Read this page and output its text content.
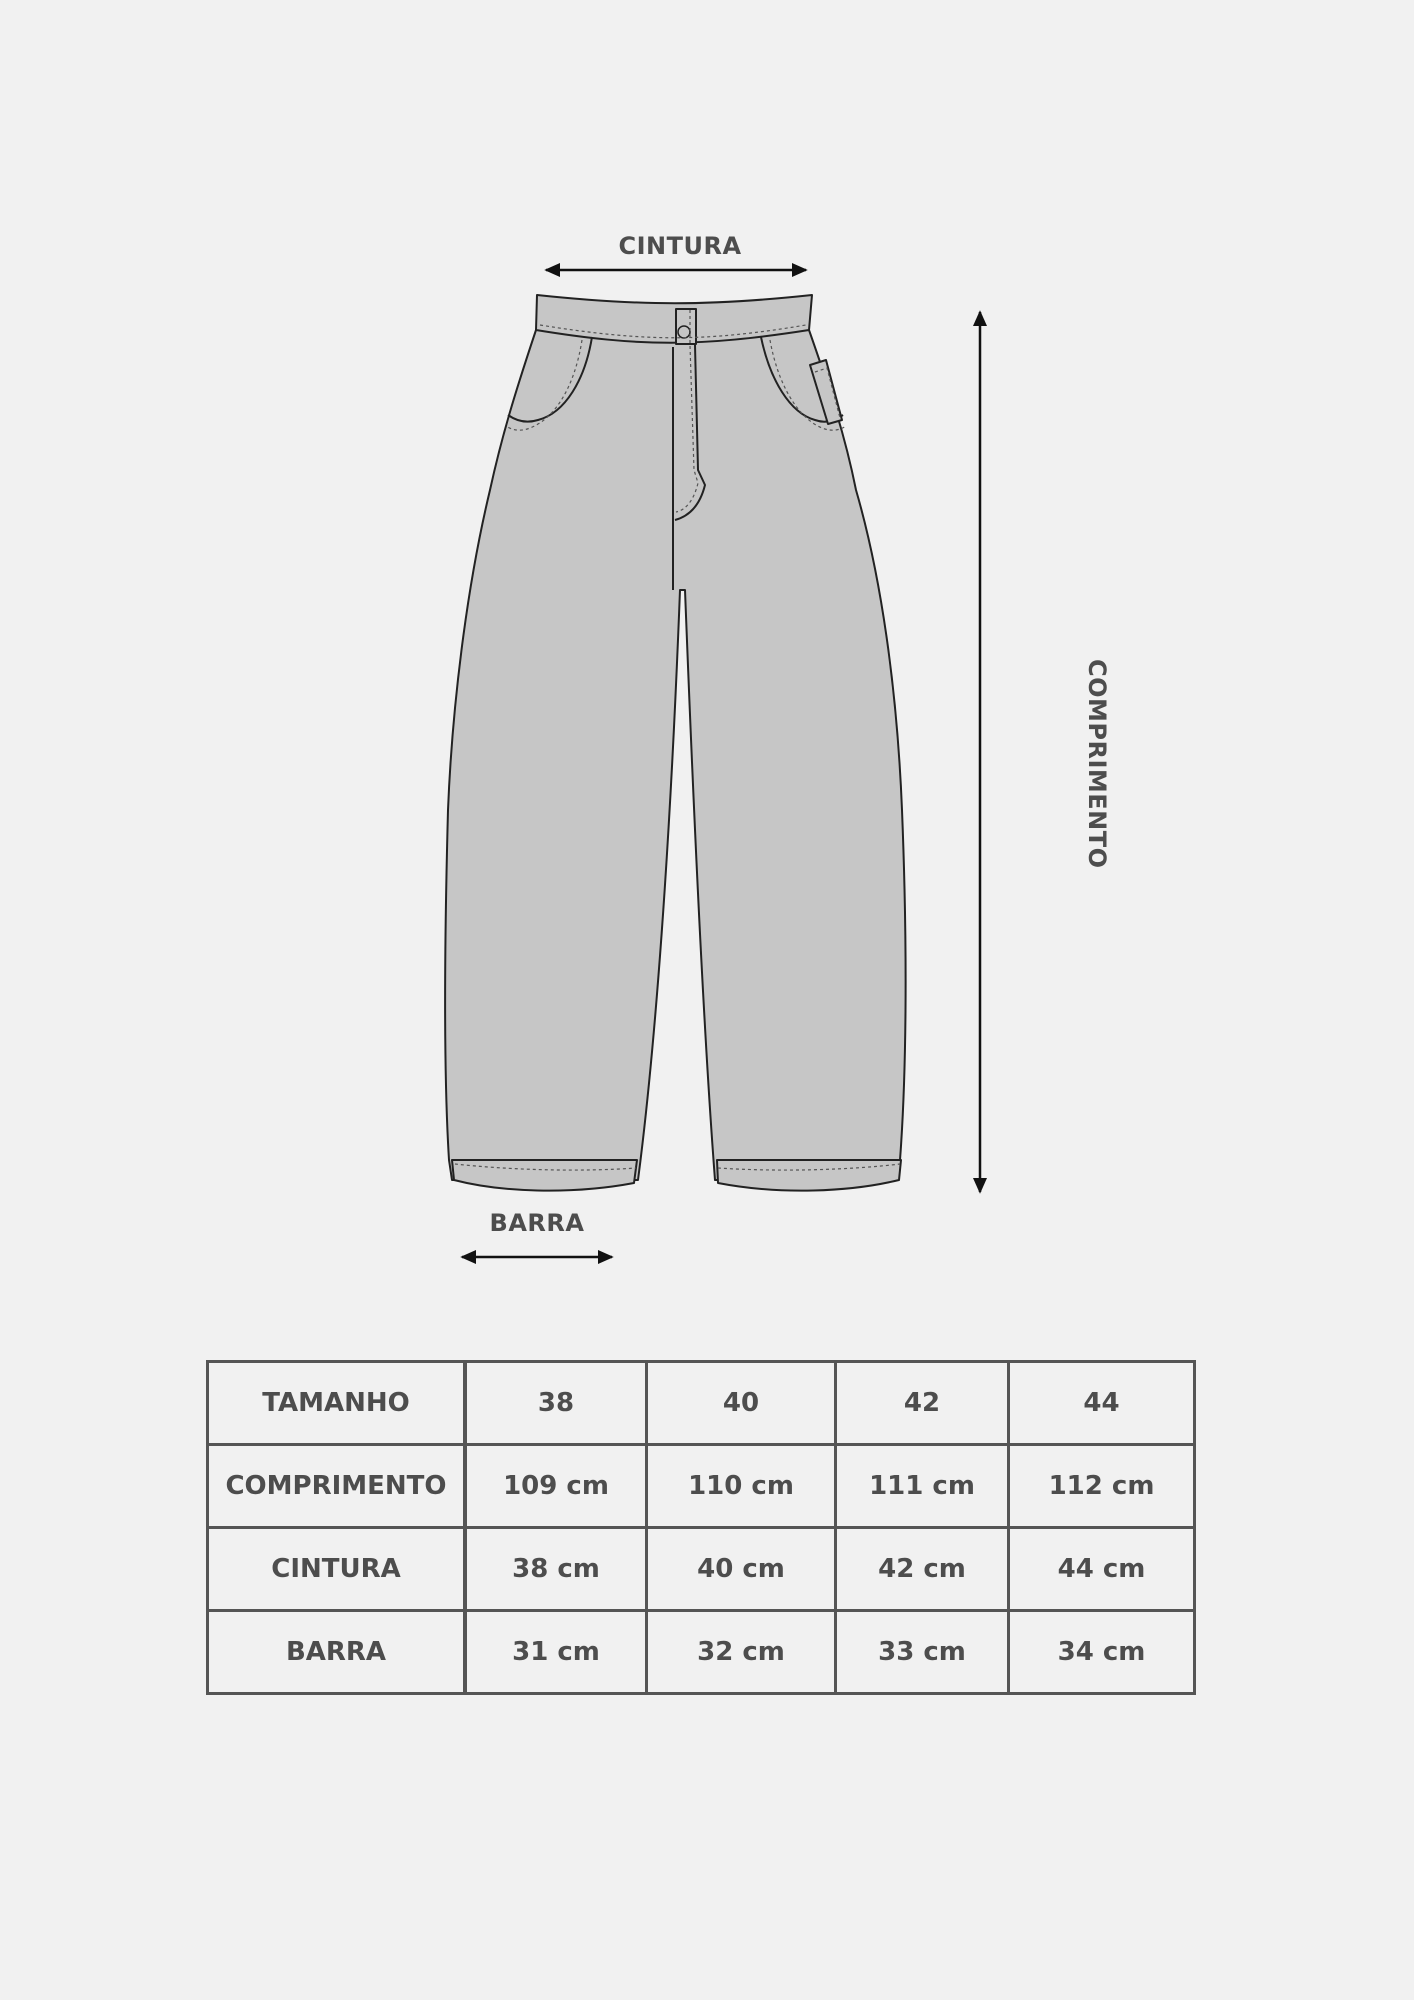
CINTURA
BARRA
COMPRIMENTO
TAMANHO	38	40	42	44
COMPRIMENTO	109 cm	110 cm	111 cm	112 cm
CINTURA	38 cm	40 cm	42 cm	44 cm
BARRA	31 cm	32 cm	33 cm	34 cm
